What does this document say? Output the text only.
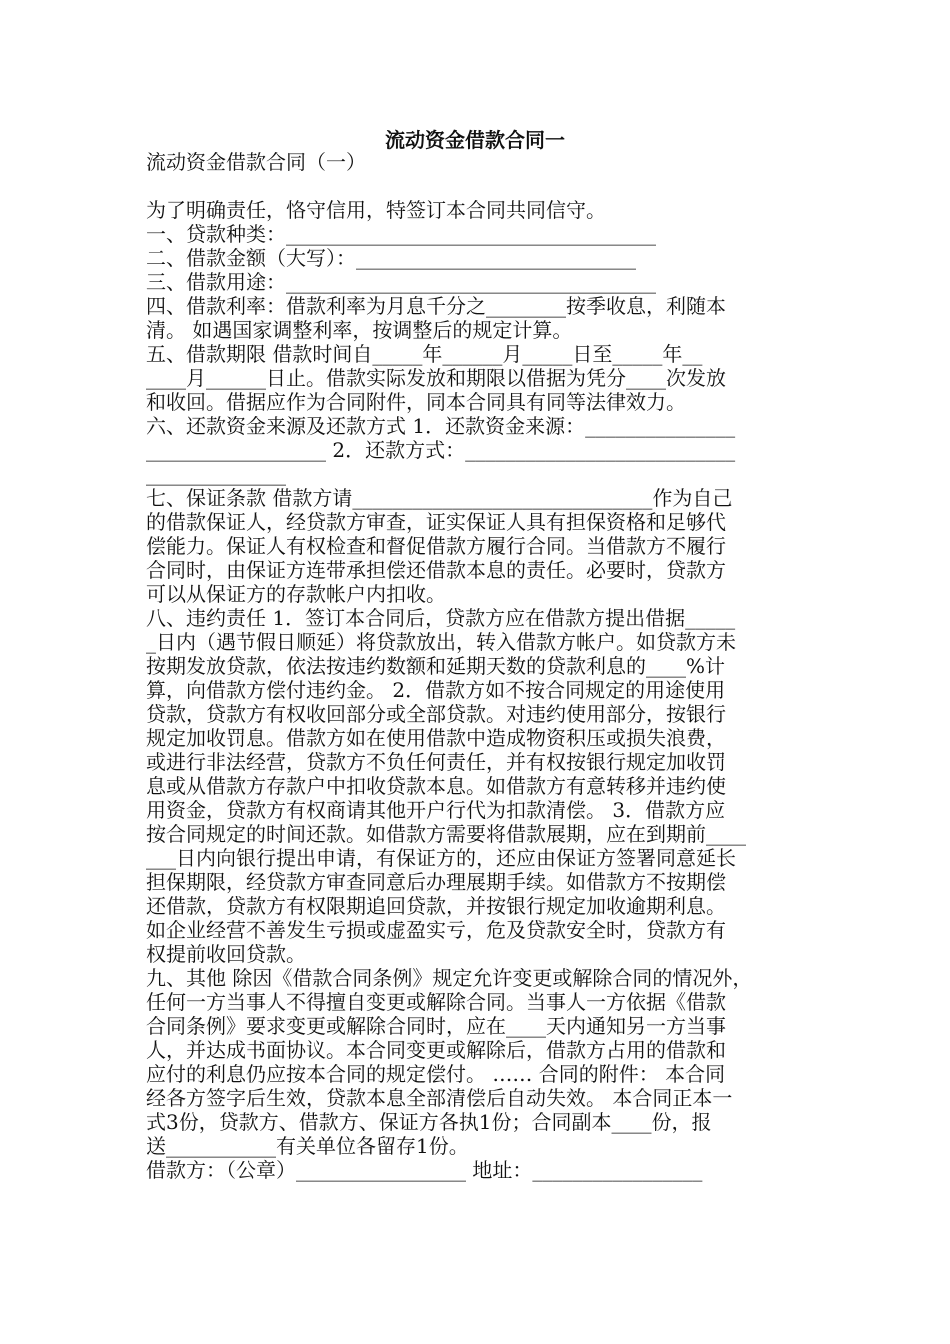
流动资金借款合同一
流动资金借款合同（一）
为了明确责任，恪守信用，特签订本合同共同信守。
一、贷款种类：_____________________________________
二、借款金额（大写）：____________________________
三、借款用途：_____________________________________
四、借款利率：借款利率为月息千分之________按季收息，利随本
清。 如遇国家调整利率，按调整后的规定计算。
五、借款期限 借款时间自_____年______月_____日至_____年__
____月______日止。借款实际发放和期限以借据为凭分____次发放
和收回。借据应作为合同附件，同本合同具有同等法律效力。
六、还款资金来源及还款方式 1．还款资金来源：_______________
__________________ 2．还款方式：___________________________
______________
七、保证条款 借款方请______________________________作为自己
的借款保证人，经贷款方审查，证实保证人具有担保资格和足够代
偿能力。保证人有权检查和督促借款方履行合同。当借款方不履行
合同时，由保证方连带承担偿还借款本息的责任。必要时，贷款方
可以从保证方的存款帐户内扣收。
八、违约责任 1．签订本合同后，贷款方应在借款方提出借据_____
_日内（遇节假日顺延）将贷款放出，转入借款方帐户。如贷款方未
按期发放贷款，依法按违约数额和延期天数的贷款利息的____%计
算，向借款方偿付违约金。 2．借款方如不按合同规定的用途使用
贷款，贷款方有权收回部分或全部贷款。对违约使用部分，按银行
规定加收罚息。借款方如在使用借款中造成物资积压或损失浪费，
或进行非法经营，贷款方不负任何责任，并有权按银行规定加收罚
息或从借款方存款户中扣收贷款本息。如借款方有意转移并违约使
用资金，贷款方有权商请其他开户行代为扣款清偿。 3．借款方应
按合同规定的时间还款。如借款方需要将借款展期，应在到期前____
___日内向银行提出申请，有保证方的，还应由保证方签署同意延长
担保期限，经贷款方审查同意后办理展期手续。如借款方不按期偿
还借款，贷款方有权限期追回贷款，并按银行规定加收逾期利息。
如企业经营不善发生亏损或虚盈实亏，危及贷款安全时，贷款方有
权提前收回贷款。
九、其他 除因《借款合同条例》规定允许变更或解除合同的情况外，
任何一方当事人不得擅自变更或解除合同。当事人一方依据《借款
合同条例》要求变更或解除合同时，应在____天内通知另一方当事
人，并达成书面协议。本合同变更或解除后，借款方占用的借款和
应付的利息仍应按本合同的规定偿付。 …… 合同的附件： 本合同
经各方签字后生效，贷款本息全部清偿后自动失效。 本合同正本一
式3份，贷款方、借款方、保证方各执1份；合同副本____份，报
送___________有关单位各留存1份。
借款方：（公章）_________________ 地址：_________________
